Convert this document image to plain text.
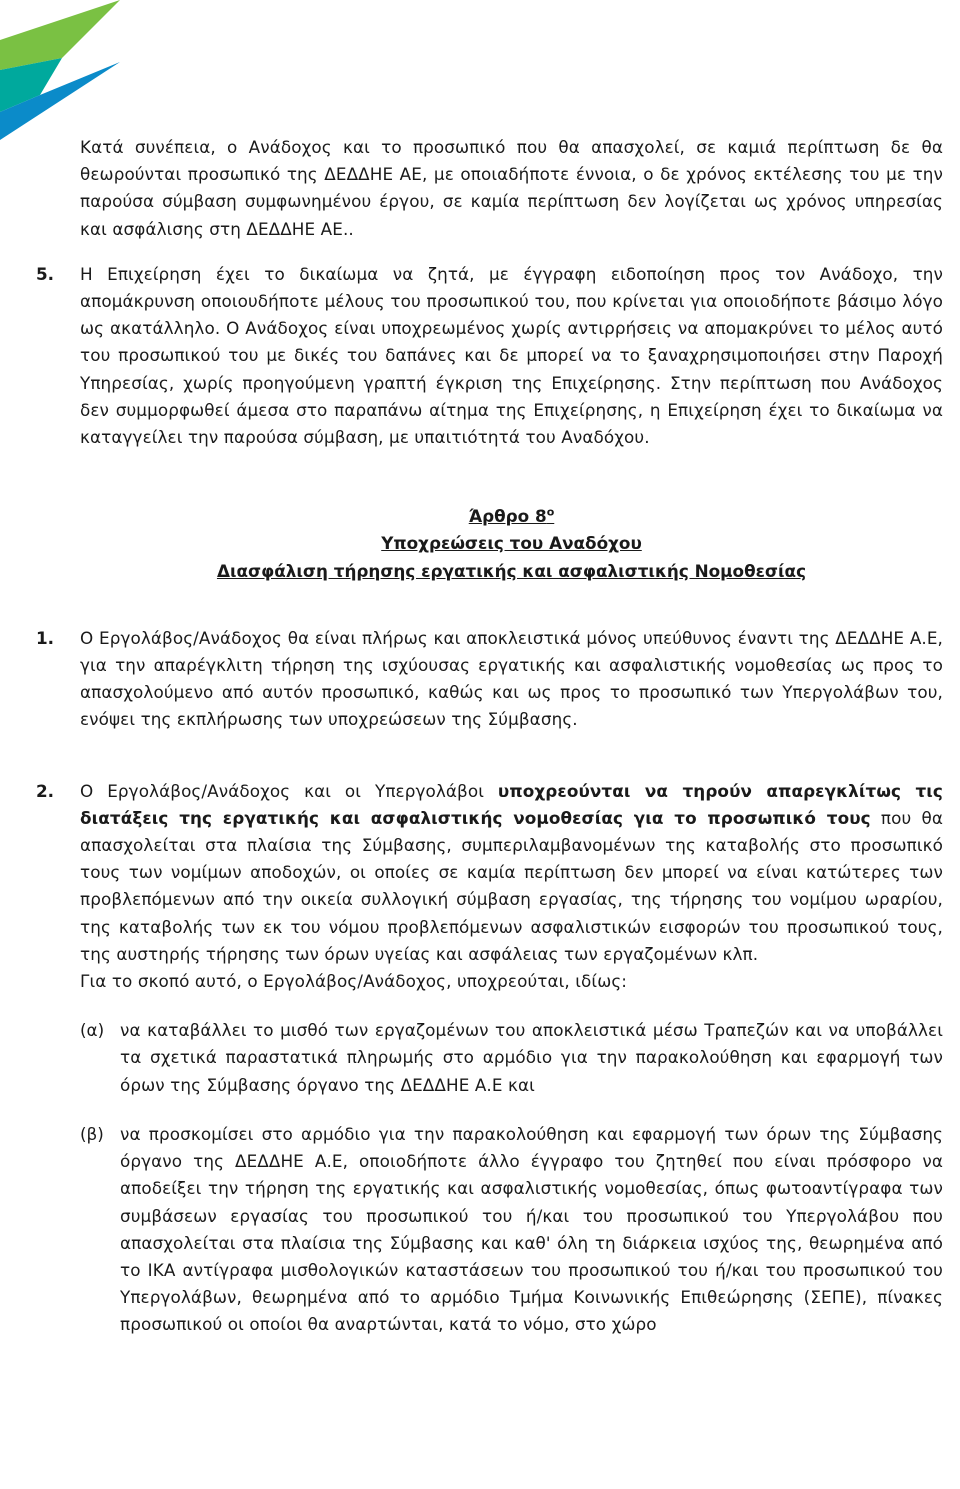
Κατά συνέπεια, ο Ανάδοχος και το προσωπικό που θα απασχολεί, σε καμιά περίπτωση δε θα θεωρούνται προσωπικό της ΔΕΔΔΗΕ ΑΕ, με οποιαδήποτε έννοια, ο δε χρόνος εκτέλεσης του με την παρούσα σύμβαση συμφωνημένου έργου, σε καμία περίπτωση δεν λογίζεται ως χρόνος υπηρεσίας και ασφάλισης στη ΔΕΔΔΗΕ ΑΕ..

5. Η Επιχείρηση έχει το δικαίωμα να ζητά, με έγγραφη ειδοποίηση προς τον Ανάδοχο, την απομάκρυνση οποιουδήποτε μέλους του προσωπικού του, που κρίνεται για οποιοδήποτε βάσιμο λόγο ως ακατάλληλο. Ο Ανάδοχος είναι υποχρεωμένος χωρίς αντιρρήσεις να απομακρύνει το μέλος αυτό του προσωπικού του με δικές του δαπάνες και δε μπορεί να το ξαναχρησιμοποιήσει στην Παροχή Υπηρεσίας, χωρίς προηγούμενη γραπτή έγκριση της Επιχείρησης. Στην περίπτωση που Ανάδοχος δεν συμμορφωθεί άμεσα στο παραπάνω αίτημα της Επιχείρησης, η Επιχείρηση έχει το δικαίωμα να καταγγείλει την παρούσα σύμβαση, με υπαιτιότητά του Αναδόχου.

Άρθρο $8^o$
Υποχρεώσεις του Αναδόχου
Διασφάλιση τήρησης εργατικής και ασφαλιστικής Νομοθεσίας
1. Ο Εργολάβος/Ανάδοχος θα είναι πλήρως και αποκλειστικά μόνος υπεύθυνος έναντι της ΔΕΔΔΗΕ Α.Ε, για την απαρέγκλιτη τήρηση της ισχύουσας εργατικής και ασφαλιστικής νομοθεσίας ως προς το απασχολούμενο από αυτόν προσωπικό, καθώς και ως προς το προσωπικό των Υπεργολάβων του, ενόψει της εκπλήρωσης των υποχρεώσεων της Σύμβασης.

2. Ο Εργολάβος/Ανάδοχος και οι Υπεργολάβοι υποχρεούνται να τηρούν απαρεγκλίτως τις διατάξεις της εργατικής και ασφαλιστικής νομοθεσίας για το προσωπικό τους που θα απασχολείται στα πλαίσια της Σύμβασης, συμπεριλαμβανομένων της καταβολής στο προσωπικό τους των νομίμων αποδοχών, οι οποίες σε καμία περίπτωση δεν μπορεί να είναι κατώτερες των προβλεπόμενων από την οικεία συλλογική σύμβαση εργασίας, της τήρησης του νομίμου ωραρίου, της καταβολής των εκ του νόμου προβλεπόμενων ασφαλιστικών εισφορών του προσωπικού τους, της αυστηρής τήρησης των όρων υγείας και ασφάλειας των εργαζομένων κλπ.

Για το σκοπό αυτό, ο Εργολάβος/Ανάδοχος, υποχρεούται, ιδίως:

(α) να καταβάλλει το μισθό των εργαζομένων του αποκλειστικά μέσω Τραπεζών και να υποβάλλει τα σχετικά παραστατικά πληρωμής στο αρμόδιο για την παρακολούθηση και εφαρμογή των όρων της Σύμβασης όργανο της ΔΕΔΔΗΕ Α.Ε και

(β) να προσκομίσει στο αρμόδιο για την παρακολούθηση και εφαρμογή των όρων της Σύμβασης όργανο της ΔΕΔΔΗΕ Α.Ε, οποιοδήποτε άλλο έγγραφο του ζητηθεί που είναι πρόσφορο να αποδείξει την τήρηση της εργατικής και ασφαλιστικής νομοθεσίας, όπως φωτοαντίγραφα των συμβάσεων εργασίας του προσωπικού του ή/και του προσωπικού του Υπεργολάβου που απασχολείται στα πλαίσια της Σύμβασης και καθ' όλη τη διάρκεια ισχύος της, θεωρημένα από το ΙΚΑ αντίγραφα μισθολογικών καταστάσεων του προσωπικού του ή/και του προσωπικού του Υπεργολάβων, θεωρημένα από το αρμόδιο Τμήμα Κοινωνικής Επιθεώρησης (ΣΕΠΕ), πίνακες προσωπικού οι οποίοι θα αναρτώνται, κατά το νόμο, στο χώρο
